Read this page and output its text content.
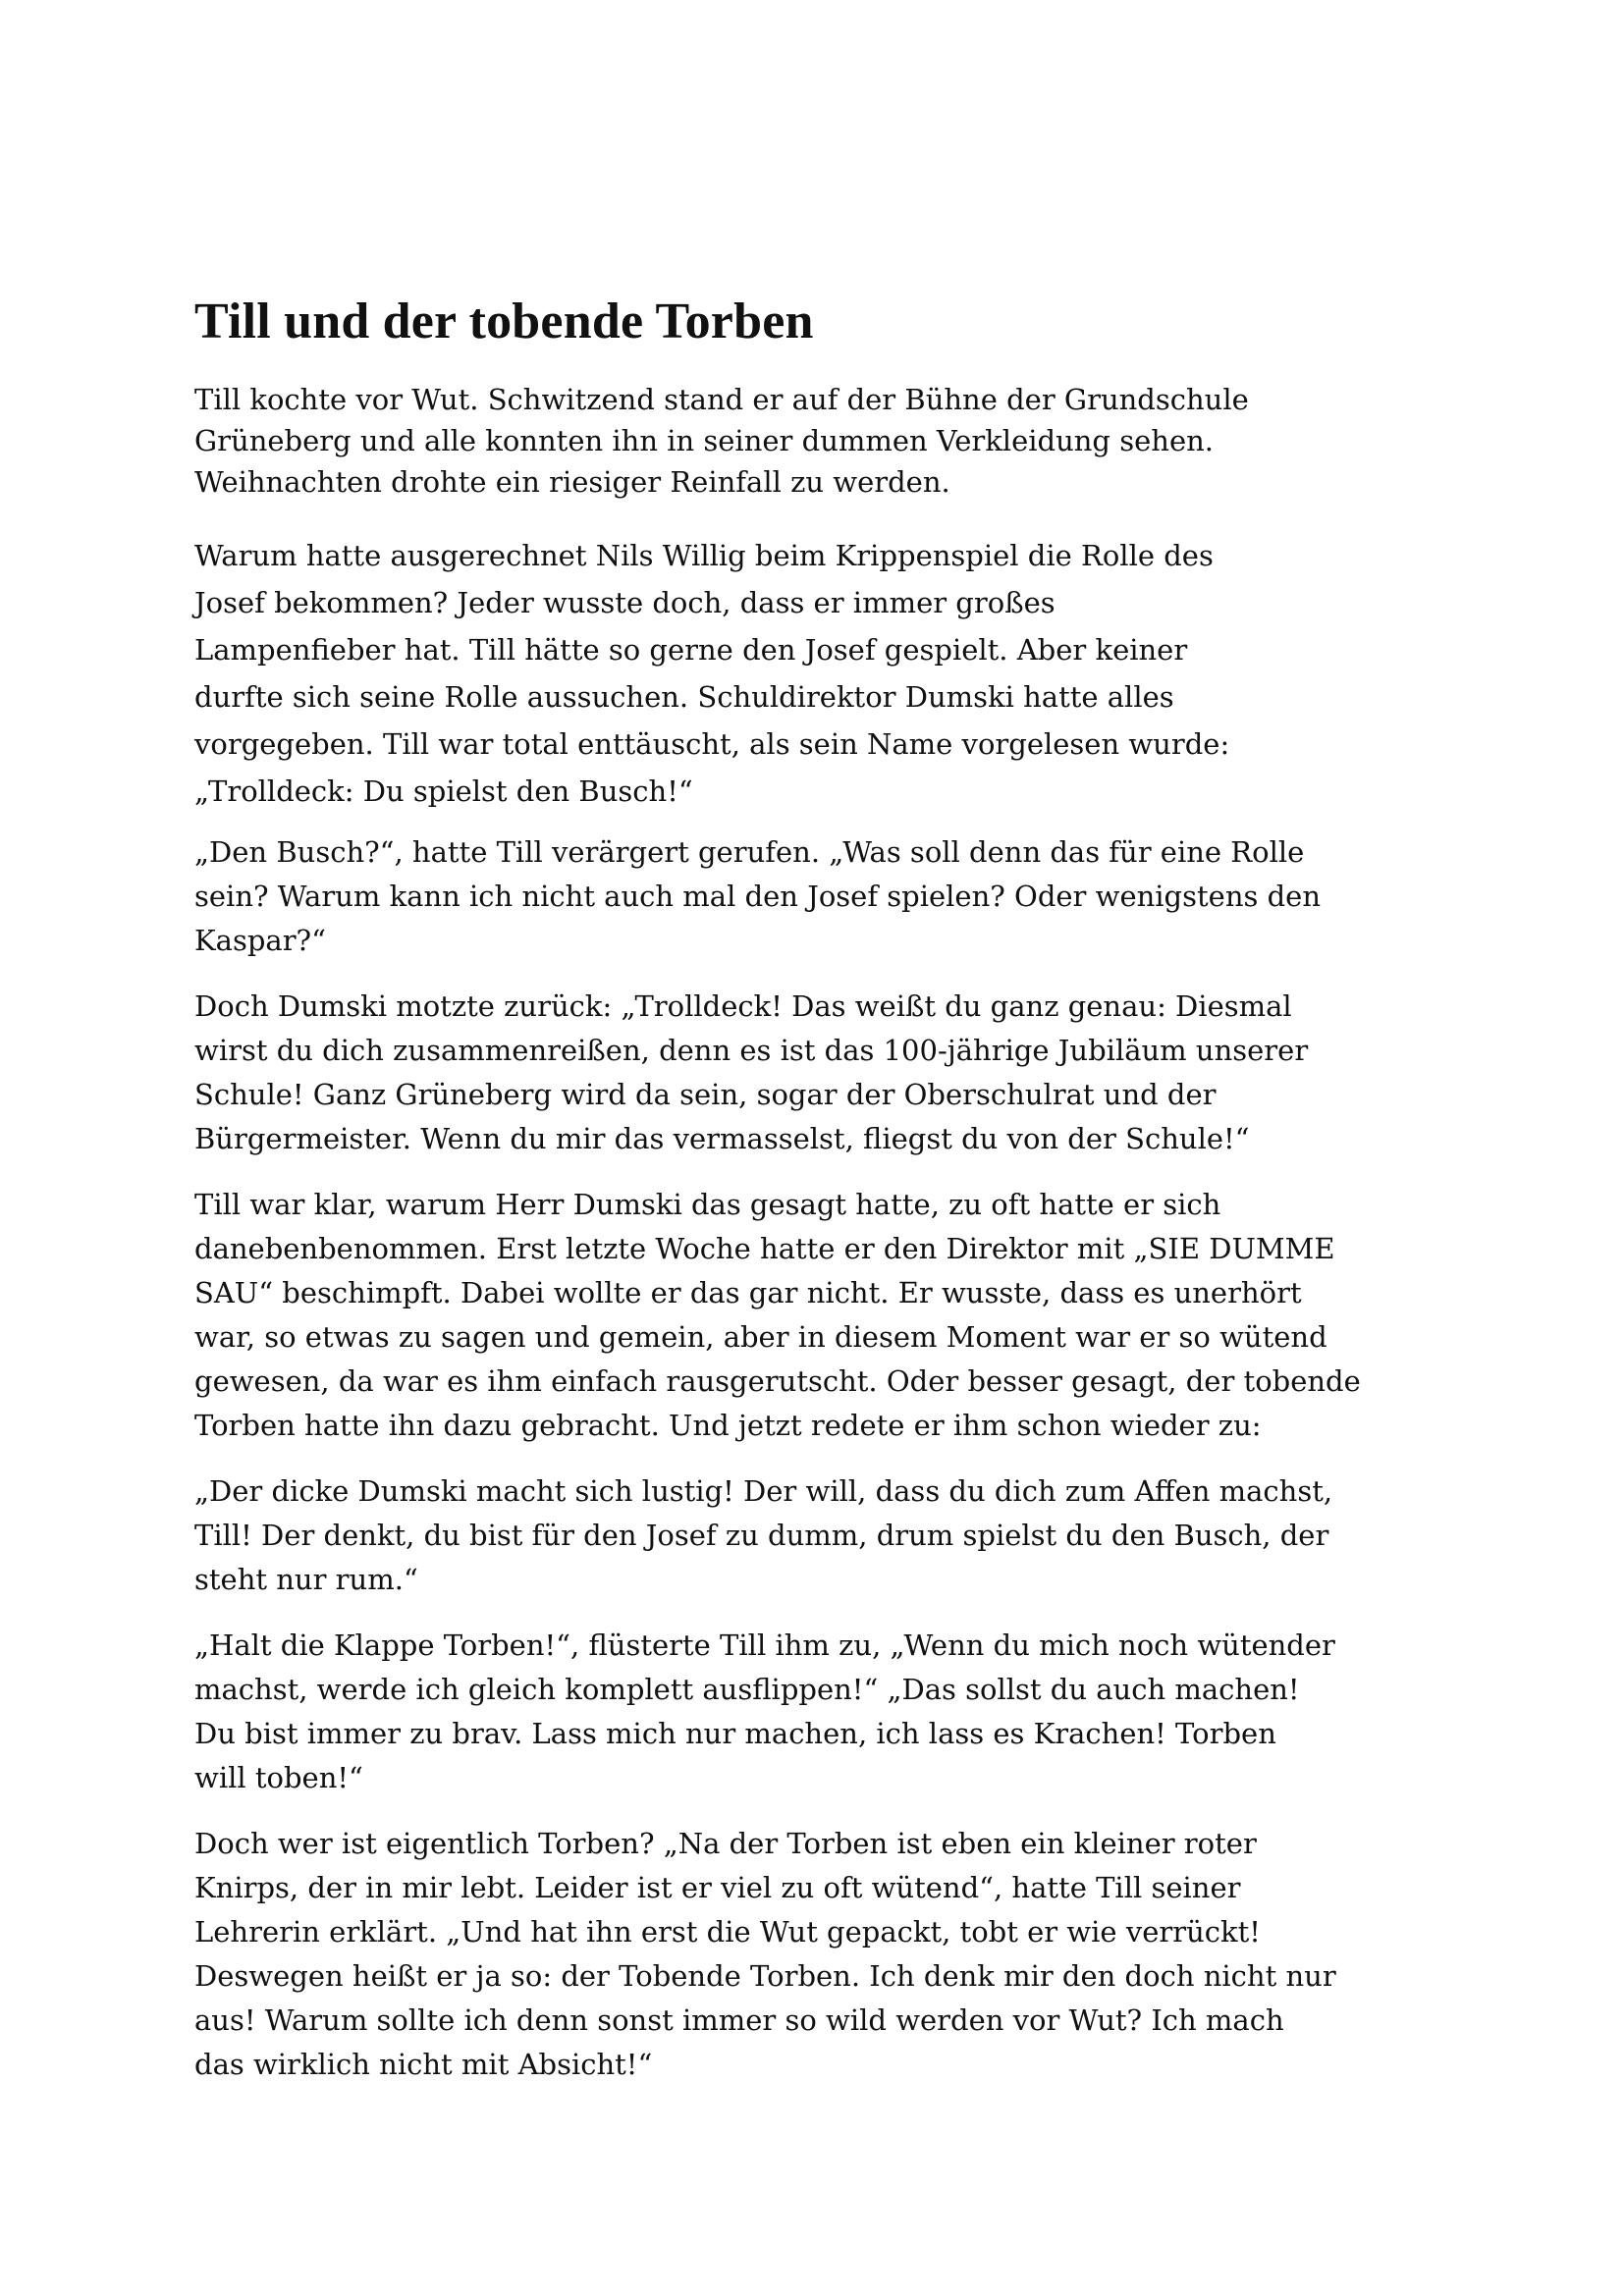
Till und der tobende Torben

Till kochte vor Wut. Schwitzend stand er auf der Bühne der Grundschule
Grüneberg und alle konnten ihn in seiner dummen Verkleidung sehen.
Weihnachten drohte ein riesiger Reinfall zu werden.

Warum hatte ausgerechnet Nils Willig beim Krippenspiel die Rolle des
Josef bekommen? Jeder wusste doch, dass er immer großes
Lampenfieber hat. Till hätte so gerne den Josef gespielt. Aber keiner
durfte sich seine Rolle aussuchen. Schuldirektor Dumski hatte alles
vorgegeben. Till war total enttäuscht, als sein Name vorgelesen wurde:
„Trolldeck: Du spielst den Busch!“

„Den Busch?“, hatte Till verärgert gerufen. „Was soll denn das für eine Rolle
sein? Warum kann ich nicht auch mal den Josef spielen? Oder wenigstens den
Kaspar?“

Doch Dumski motzte zurück: „Trolldeck! Das weißt du ganz genau: Diesmal
wirst du dich zusammenreißen, denn es ist das 100-jährige Jubiläum unserer
Schule! Ganz Grüneberg wird da sein, sogar der Oberschulrat und der
Bürgermeister. Wenn du mir das vermasselst, fliegst du von der Schule!“

Till war klar, warum Herr Dumski das gesagt hatte, zu oft hatte er sich
danebenbenommen. Erst letzte Woche hatte er den Direktor mit „SIE DUMME
SAU“ beschimpft. Dabei wollte er das gar nicht. Er wusste, dass es unerhört
war, so etwas zu sagen und gemein, aber in diesem Moment war er so wütend
gewesen, da war es ihm einfach rausgerutscht. Oder besser gesagt, der tobende
Torben hatte ihn dazu gebracht. Und jetzt redete er ihm schon wieder zu:

„Der dicke Dumski macht sich lustig! Der will, dass du dich zum Affen machst,
Till! Der denkt, du bist für den Josef zu dumm, drum spielst du den Busch, der
steht nur rum.“

„Halt die Klappe Torben!“, flüsterte Till ihm zu, „Wenn du mich noch wütender
machst, werde ich gleich komplett ausflippen!“ „Das sollst du auch machen!
Du bist immer zu brav. Lass mich nur machen, ich lass es Krachen! Torben
will toben!“

Doch wer ist eigentlich Torben? „Na der Torben ist eben ein kleiner roter
Knirps, der in mir lebt. Leider ist er viel zu oft wütend“, hatte Till seiner
Lehrerin erklärt. „Und hat ihn erst die Wut gepackt, tobt er wie verrückt!
Deswegen heißt er ja so: der Tobende Torben. Ich denk mir den doch nicht nur
aus! Warum sollte ich denn sonst immer so wild werden vor Wut? Ich mach
das wirklich nicht mit Absicht!“
